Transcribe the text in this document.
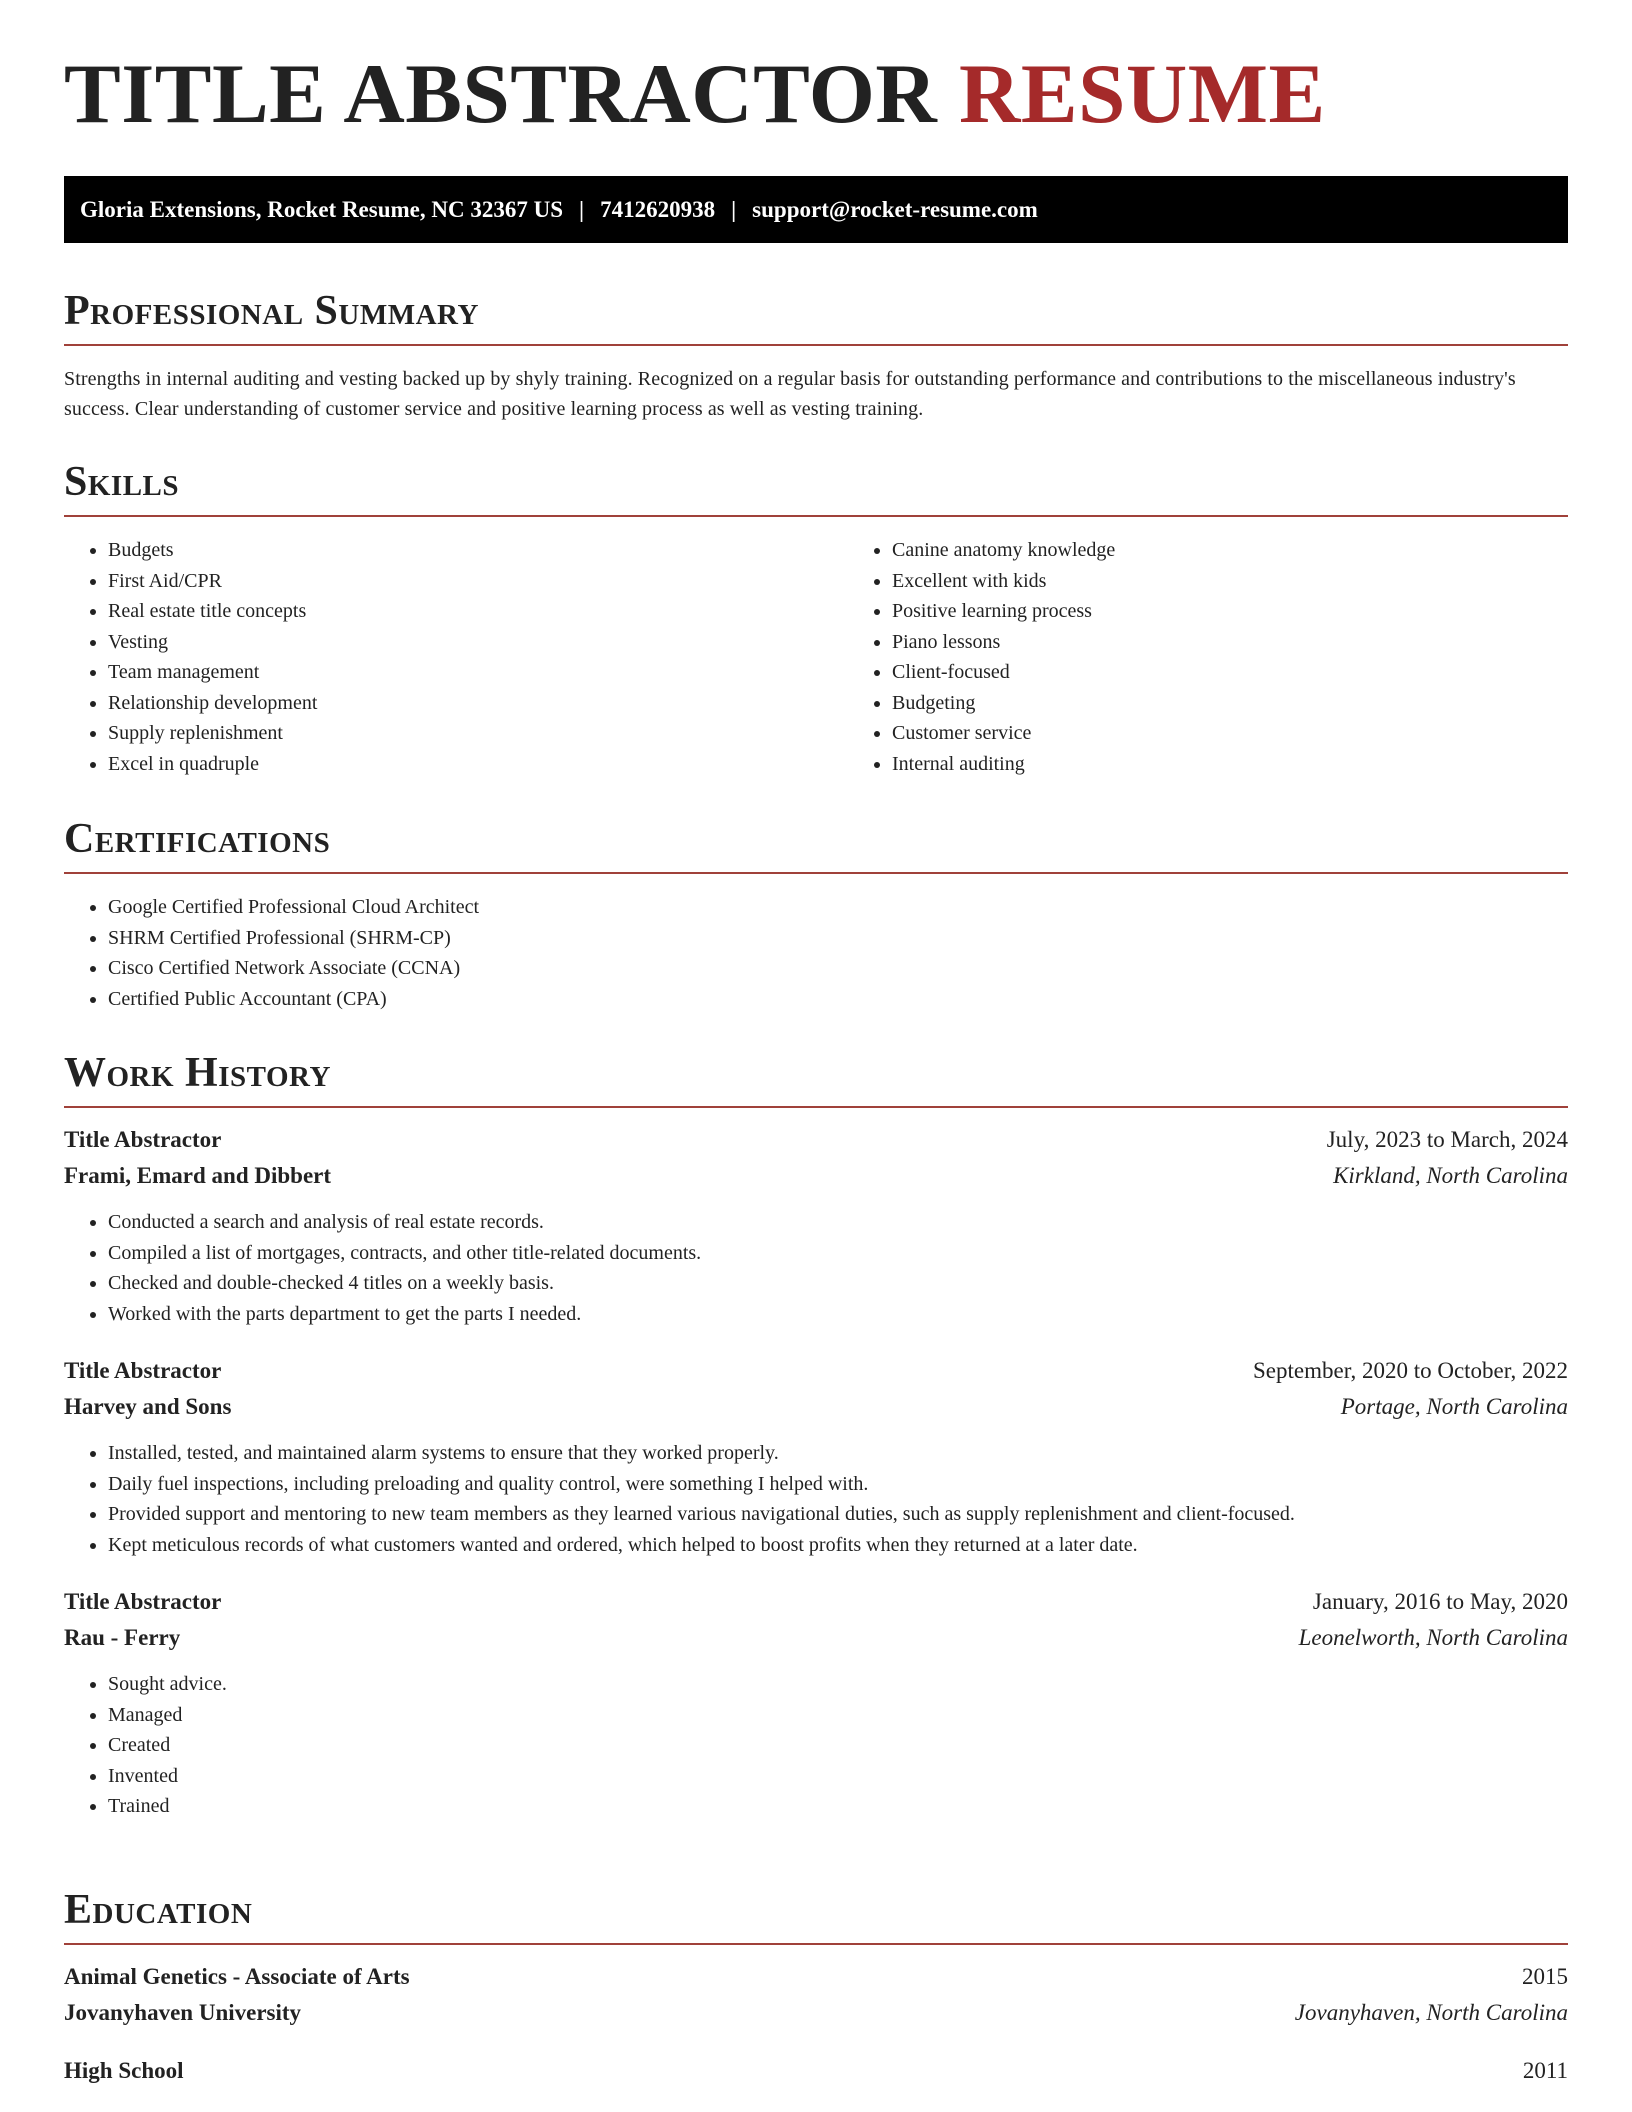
TITLE ABSTRACTOR RESUME
Gloria Extensions, Rocket Resume, NC 32367 US | 7412620938 | support@rocket-resume.com
Professional Summary

Strengths in internal auditing and vesting backed up by shyly training. Recognized on a regular basis for outstanding performance and contributions to the miscellaneous industry's success. Clear understanding of customer service and positive learning process as well as vesting training.

Skills
• Budgets
• First Aid/CPR
• Real estate title concepts
• Vesting
• Team management
• Relationship development
• Supply replenishment
• Excel in quadruple
• Canine anatomy knowledge
• Excellent with kids
• Positive learning process
• Piano lessons
• Client-focused
• Budgeting
• Customer service
• Internal auditing
Certifications
• Google Certified Professional Cloud Architect
• SHRM Certified Professional (SHRM-CP)
• Cisco Certified Network Associate (CCNA)
• Certified Public Accountant (CPA)
Work History
Title Abstractor	July, 2023 to March, 2024
Frami, Emard and Dibbert	Kirkland, North Carolina
• Conducted a search and analysis of real estate records.
• Compiled a list of mortgages, contracts, and other title-related documents.
• Checked and double-checked 4 titles on a weekly basis.
• Worked with the parts department to get the parts I needed.
Title Abstractor	September, 2020 to October, 2022
Harvey and Sons	Portage, North Carolina
• Installed, tested, and maintained alarm systems to ensure that they worked properly.
• Daily fuel inspections, including preloading and quality control, were something I helped with.
• Provided support and mentoring to new team members as they learned various navigational duties, such as supply replenishment and client-focused.
• Kept meticulous records of what customers wanted and ordered, which helped to boost profits when they returned at a later date.
Title Abstractor	January, 2016 to May, 2020
Rau - Ferry	Leonelworth, North Carolina
• Sought advice.
• Managed
• Created
• Invented
• Trained
Education
Animal Genetics - Associate of Arts	2015
Jovanyhaven University	Jovanyhaven, North Carolina
High School	2011
